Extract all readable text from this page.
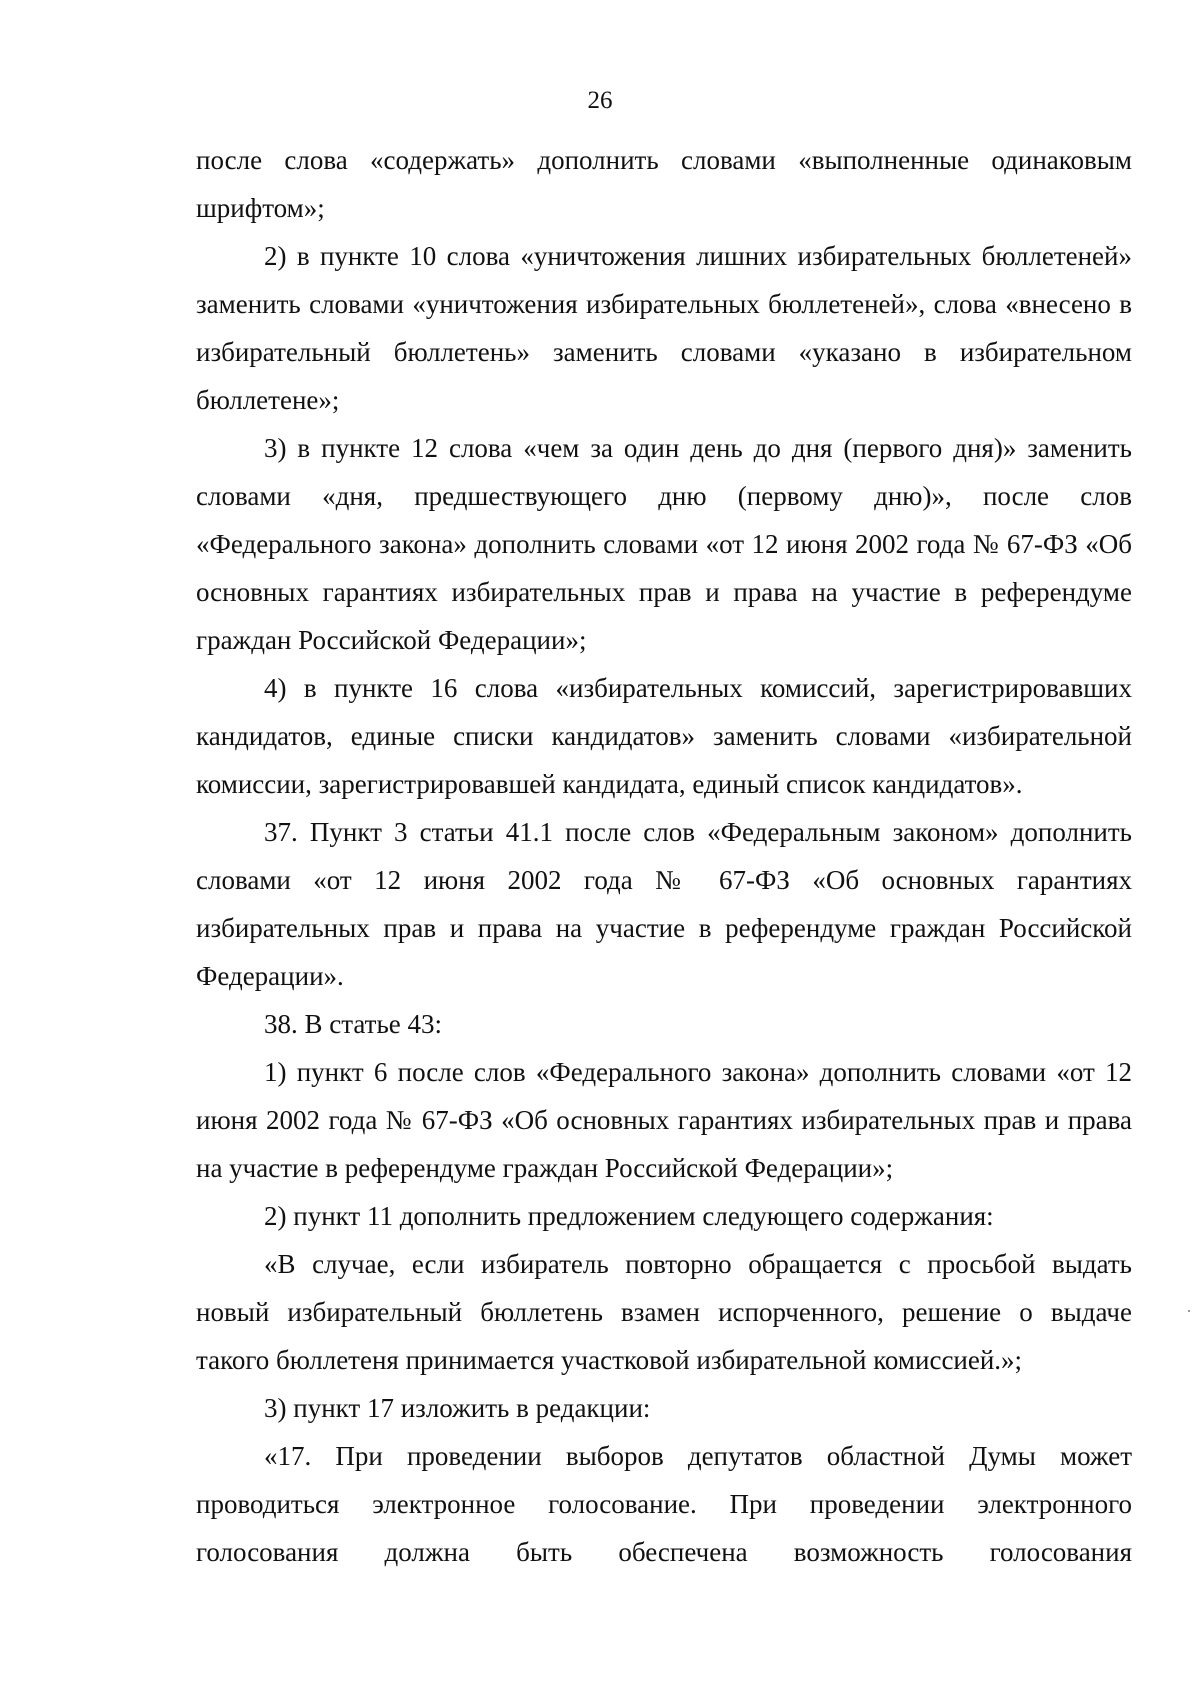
26

после слова «содержать» дополнить словами «выполненные одинаковым шрифтом»;

2) в пункте 10 слова «уничтожения лишних избирательных бюллетеней» заменить словами «уничтожения избирательных бюллетеней», слова «внесено в избирательный бюллетень» заменить словами «указано в избирательном бюллетене»;

3) в пункте 12 слова «чем за один день до дня (первого дня)» заменить словами «дня, предшествующего дню (первому дню)», после слов «Федерального закона» дополнить словами «от 12 июня 2002 года № 67-ФЗ «Об основных гарантиях избирательных прав и права на участие в референдуме граждан Российской Федерации»;

4) в пункте 16 слова «избирательных комиссий, зарегистрировавших кандидатов, единые списки кандидатов» заменить словами «избирательной комиссии, зарегистрировавшей кандидата, единый список кандидатов».

37. Пункт 3 статьи 41.1 после слов «Федеральным законом» дополнить словами «от 12 июня 2002 года № 67-ФЗ «Об основных гарантиях избирательных прав и права на участие в референдуме граждан Российской Федерации».

38. В статье 43:

1) пункт 6 после слов «Федерального закона» дополнить словами «от 12 июня 2002 года № 67-ФЗ «Об основных гарантиях избирательных прав и права на участие в референдуме граждан Российской Федерации»;

2) пункт 11 дополнить предложением следующего содержания:

«В случае, если избиратель повторно обращается с просьбой выдать новый избирательный бюллетень взамен испорченного, решение о выдаче такого бюллетеня принимается участковой избирательной комиссией.»;

3) пункт 17 изложить в редакции:

«17. При проведении выборов депутатов областной Думы может проводиться электронное голосование. При проведении электронного голосования должна быть обеспечена возможность голосования
